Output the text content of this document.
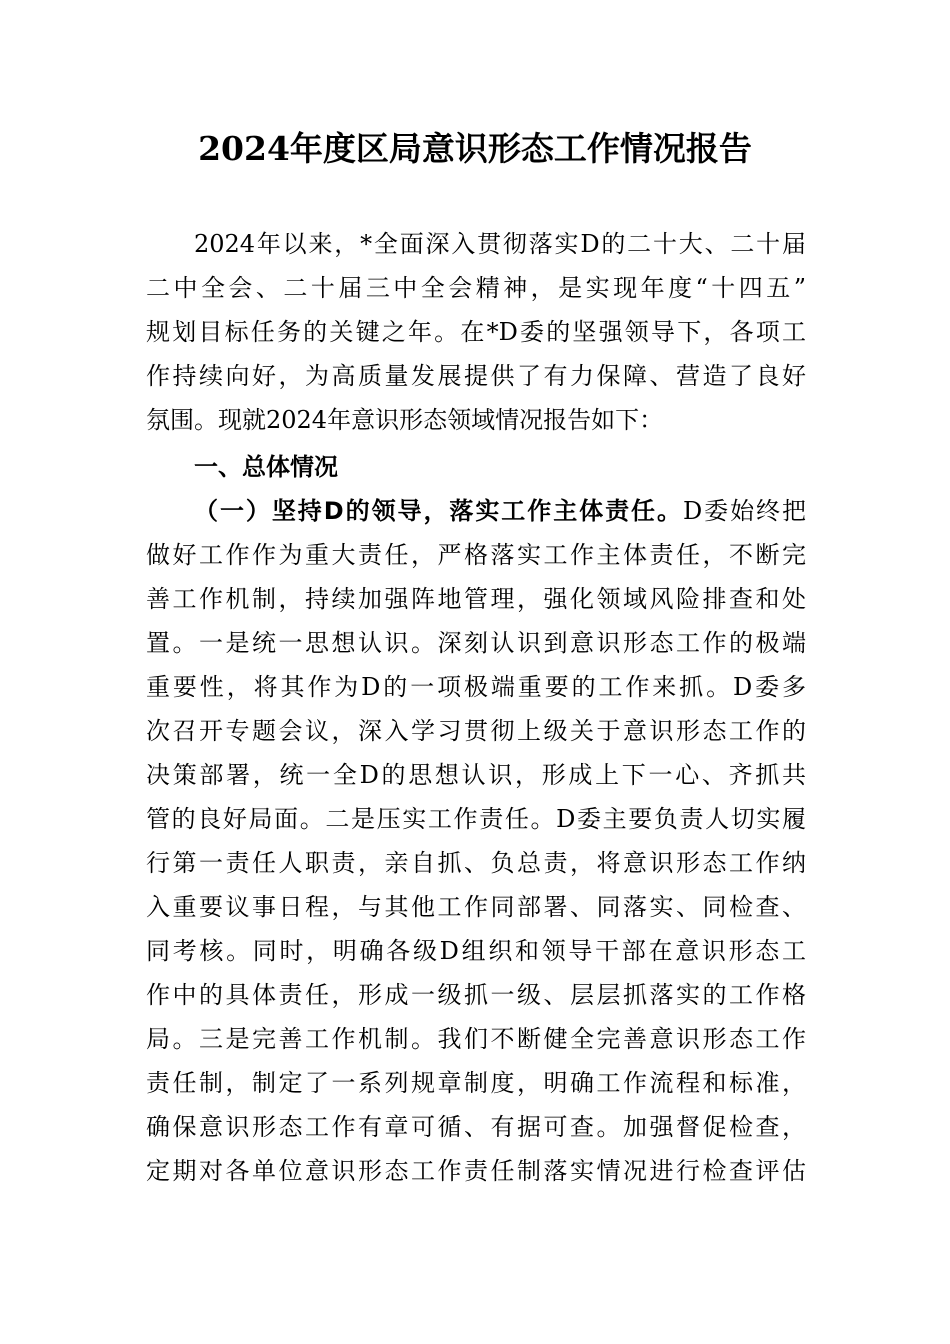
2024年度区局意识形态工作情况报告
2024年以来，*全面深入贯彻落实D的二十大、二十届
二中全会、二十届三中全会精神，是实现年度“十四五”
规划目标任务的关键之年。在*D委的坚强领导下，各项工
作持续向好，为高质量发展提供了有力保障、营造了良好
氛围。现就2024年意识形态领域情况报告如下：
一、总体情况
（一）坚持D的领导，落实工作主体责任。D委始终把
做好工作作为重大责任，严格落实工作主体责任，不断完
善工作机制，持续加强阵地管理，强化领域风险排查和处
置。一是统一思想认识。深刻认识到意识形态工作的极端
重要性，将其作为D的一项极端重要的工作来抓。D委多
次召开专题会议，深入学习贯彻上级关于意识形态工作的
决策部署，统一全D的思想认识，形成上下一心、齐抓共
管的良好局面。二是压实工作责任。D委主要负责人切实履
行第一责任人职责，亲自抓、负总责，将意识形态工作纳
入重要议事日程，与其他工作同部署、同落实、同检查、
同考核。同时，明确各级D组织和领导干部在意识形态工
作中的具体责任，形成一级抓一级、层层抓落实的工作格
局。三是完善工作机制。我们不断健全完善意识形态工作
责任制，制定了一系列规章制度，明确工作流程和标准，
确保意识形态工作有章可循、有据可查。加强督促检查，
定期对各单位意识形态工作责任制落实情况进行检查评估
